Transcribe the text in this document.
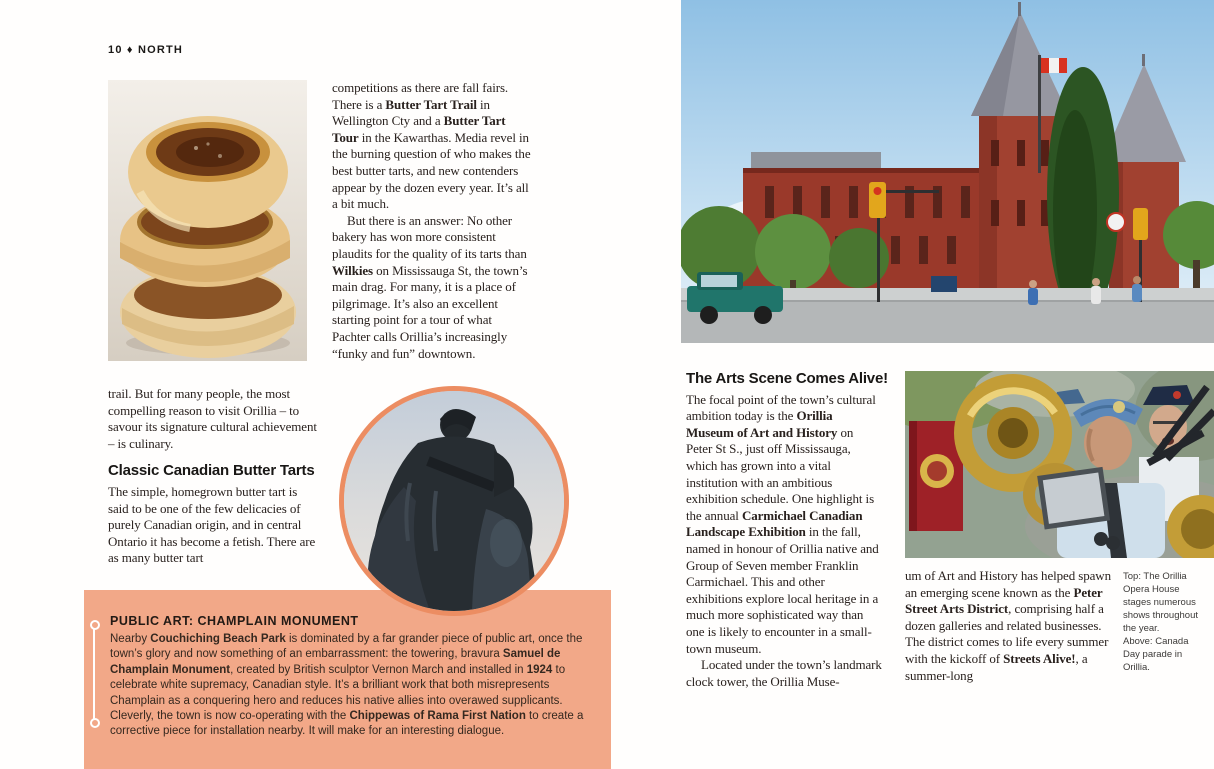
10 ♦ NORTH

competitions as there are fall fairs. There is a Butter Tart Trail in Wellington Cty and a Butter Tart Tour in the Kawarthas. Media revel in the burning question of who makes the best butter tarts, and new contenders appear by the dozen every year. It’s all a bit much.

But there is an answer: No other bakery has won more consistent plaudits for the quality of its tarts than Wilkies on Mississauga St, the town’s main drag. For many, it is a place of pilgrimage. It’s also an excellent starting point for a tour of what Pachter calls Orillia’s increasingly “funky and fun” downtown.

trail. But for many people, the most compelling reason to visit Orillia – to savour its signature cultural achievement – is culinary.

Classic Canadian Butter Tarts

The simple, homegrown butter tart is said to be one of the few delicacies of purely Canadian origin, and in central Ontario it has become a fetish. There are as many butter tart

PUBLIC ART: CHAMPLAIN MONUMENT
Nearby Couchiching Beach Park is dominated by a far grander piece of public art, once the town’s glory and now something of an embarrassment: the towering, bravura Samuel de Champlain Monument, created by British sculptor Vernon March and installed in 1924 to celebrate white supremacy, Canadian style. It’s a brilliant work that both misrepresents Champlain as a conquering hero and reduces his native allies into overawed supplicants. Cleverly, the town is now co-operating with the Chippewas of Rama First Nation to create a corrective piece for installation nearby. It will make for an interesting dialogue.
The Arts Scene Comes Alive!

The focal point of the town’s cultural ambition today is the Orillia Museum of Art and History on Peter St S., just off Mississauga, which has grown into a vital institution with an ambitious exhibition schedule. One highlight is the annual Carmichael Canadian Landscape Exhibition in the fall, named in honour of Orillia native and Group of Seven member Franklin Carmichael. This and other exhibitions explore local heritage in a much more sophisticated way than one is likely to encounter in a small-town museum.

Located under the town’s landmark clock tower, the Orillia Muse-

um of Art and History has helped spawn an emerging scene known as the Peter Street Arts District, comprising half a dozen galleries and related businesses. The district comes to life every summer with the kickoff of Streets Alive!, a summer-long

Top: The Orillia Opera House stages numerous shows throughout the year.

Above: Canada Day parade in Orillia.
